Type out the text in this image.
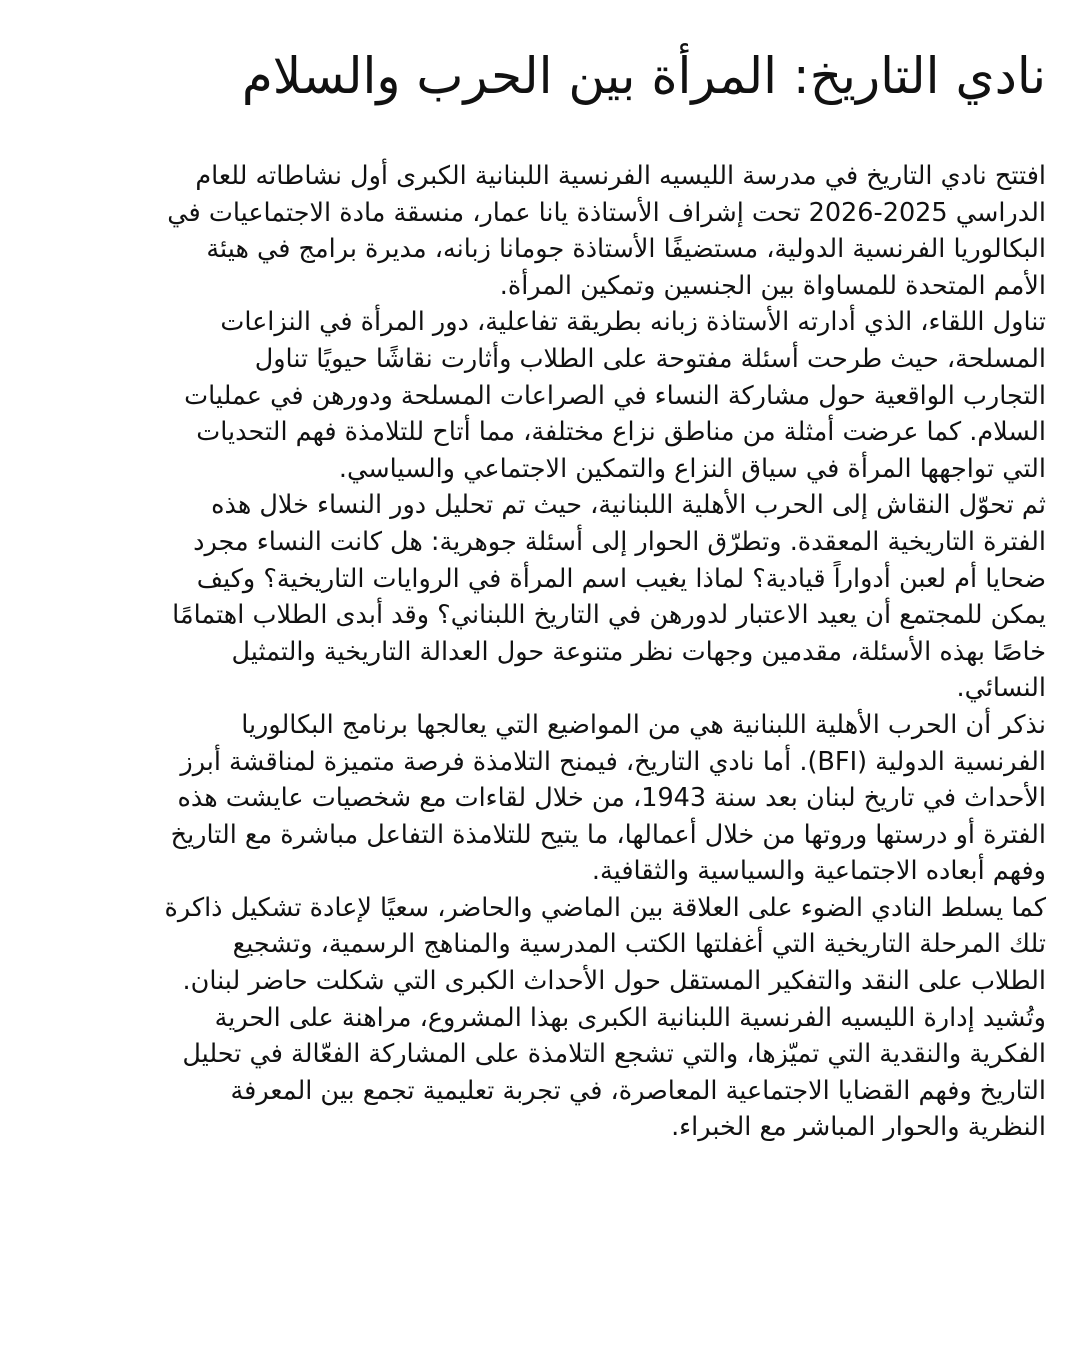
نادي التاريخ: المرأة بين الحرب والسلام
افتتح نادي التاريخ في مدرسة الليسيه الفرنسية اللبنانية الكبرى أول نشاطاته للعام
الدراسي 2025-2026 تحت إشراف الأستاذة يانا عمار، منسقة مادة الاجتماعيات في
البكالوريا الفرنسية الدولية، مستضيفًا الأستاذة جومانا زبانه، مديرة برامج في هيئة
الأمم المتحدة للمساواة بين الجنسين وتمكين المرأة.
تناول اللقاء، الذي أدارته الأستاذة زبانه بطريقة تفاعلية، دور المرأة في النزاعات
المسلحة، حيث طرحت أسئلة مفتوحة على الطلاب وأثارت نقاشًا حيويًا تناول
التجارب الواقعية حول مشاركة النساء في الصراعات المسلحة ودورهن في عمليات
السلام. كما عرضت أمثلة من مناطق نزاع مختلفة، مما أتاح للتلامذة فهم التحديات
التي تواجهها المرأة في سياق النزاع والتمكين الاجتماعي والسياسي.
ثم تحوّل النقاش إلى الحرب الأهلية اللبنانية، حيث تم تحليل دور النساء خلال هذه
الفترة التاريخية المعقدة. وتطرّق الحوار إلى أسئلة جوهرية: هل كانت النساء مجرد
ضحايا أم لعبن أدواراً قيادية؟ لماذا يغيب اسم المرأة في الروايات التاريخية؟ وكيف
يمكن للمجتمع أن يعيد الاعتبار لدورهن في التاريخ اللبناني؟ وقد أبدى الطلاب اهتمامًا
خاصًا بهذه الأسئلة، مقدمين وجهات نظر متنوعة حول العدالة التاريخية والتمثيل
النسائي.
نذكر أن الحرب الأهلية اللبنانية هي من المواضيع التي يعالجها برنامج البكالوريا
الفرنسية الدولية (BFI). أما نادي التاريخ، فيمنح التلامذة فرصة متميزة لمناقشة أبرز
الأحداث في تاريخ لبنان بعد سنة 1943، من خلال لقاءات مع شخصيات عايشت هذه
الفترة أو درستها وروتها من خلال أعمالها، ما يتيح للتلامذة التفاعل مباشرة مع التاريخ
وفهم أبعاده الاجتماعية والسياسية والثقافية.
كما يسلط النادي الضوء على العلاقة بين الماضي والحاضر، سعيًا لإعادة تشكيل ذاكرة
تلك المرحلة التاريخية التي أغفلتها الكتب المدرسية والمناهج الرسمية، وتشجيع
الطلاب على النقد والتفكير المستقل حول الأحداث الكبرى التي شكلت حاضر لبنان.
وتُشيد إدارة الليسيه الفرنسية اللبنانية الكبرى بهذا المشروع، مراهنة على الحرية
الفكرية والنقدية التي تميّزها، والتي تشجع التلامذة على المشاركة الفعّالة في تحليل
التاريخ وفهم القضايا الاجتماعية المعاصرة، في تجربة تعليمية تجمع بين المعرفة
النظرية والحوار المباشر مع الخبراء.
